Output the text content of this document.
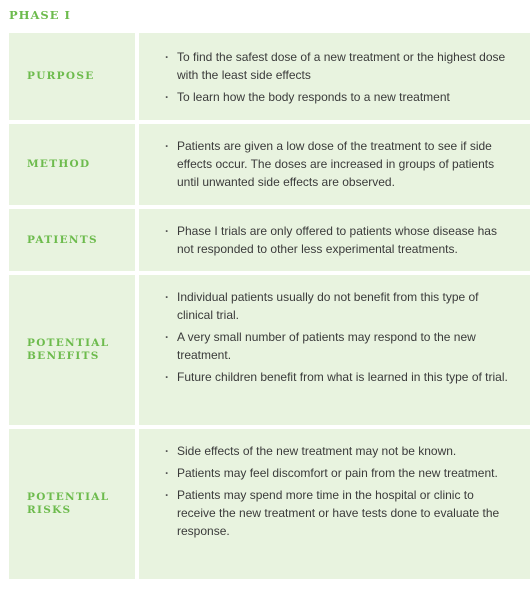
PHASE I
PURPOSE
· To find the safest dose of a new treatment or the highest dose with the least side effects
· To learn how the body responds to a new treatment
METHOD
· Patients are given a low dose of the treatment to see if side effects occur. The doses are increased in groups of patients until unwanted side effects are observed.
PATIENTS
· Phase I trials are only offered to patients whose disease has not responded to other less experimental treatments.
POTENTIAL
BENEFITS
· Individual patients usually do not benefit from this type of clinical trial.
· A very small number of patients may respond to the new treatment.
· Future children benefit from what is learned in this type of trial.
POTENTIAL
RISKS
· Side effects of the new treatment may not be known.
· Patients may feel discomfort or pain from the new treatment.
· Patients may spend more time in the hospital or clinic to receive the new treatment or have tests done to evaluate the response.
